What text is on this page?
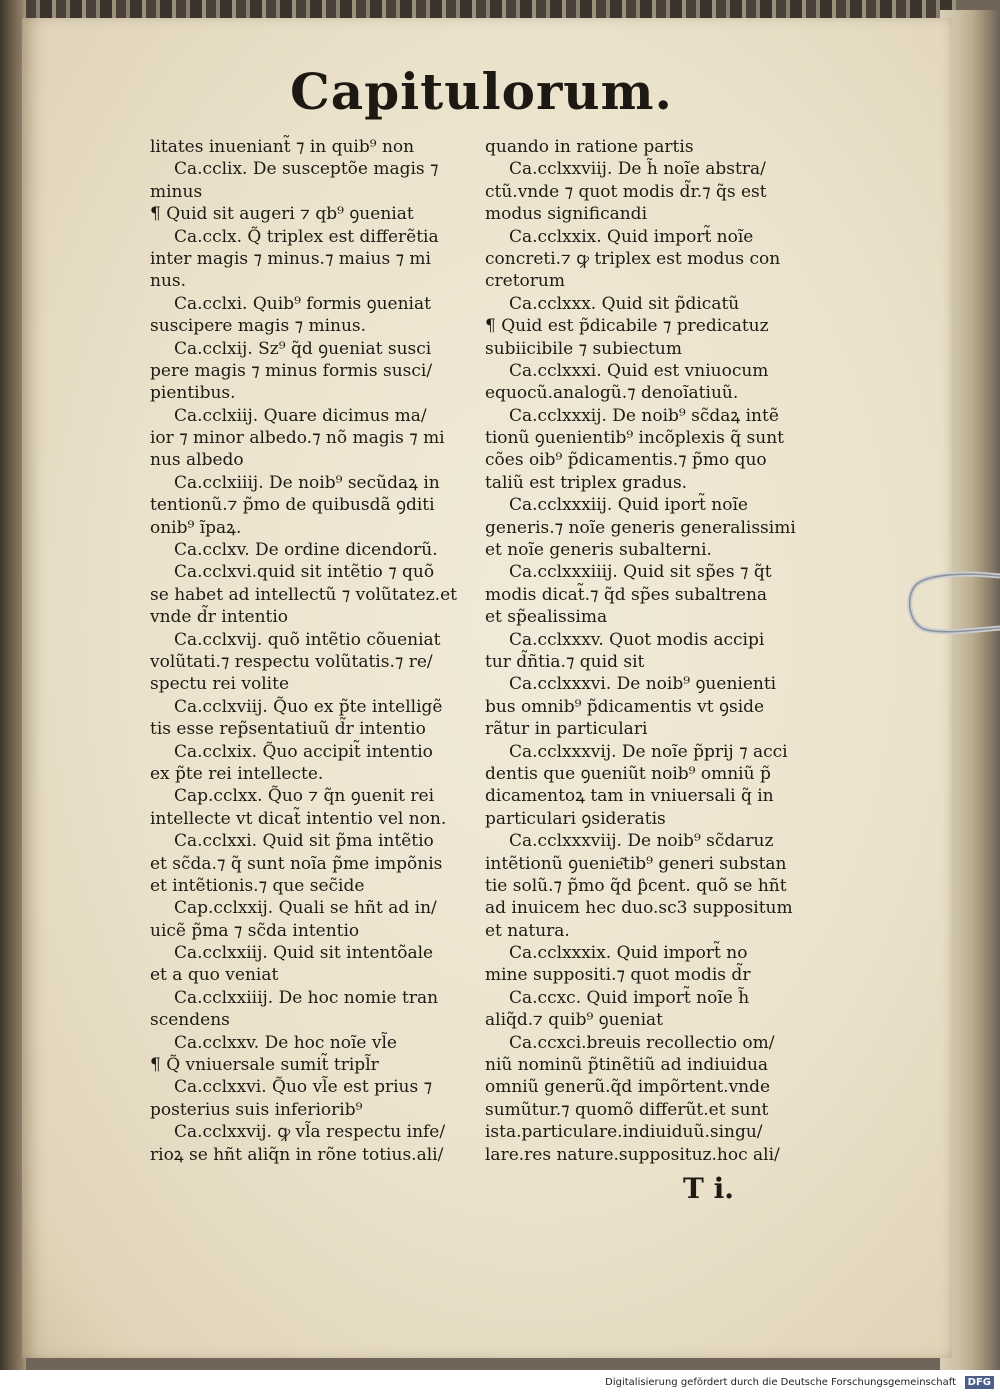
Capitulorum.
litates inueniant̃ ⁊ in quib⁹ non
Ca.cclix. De susceptõe magis ⁊
minus
¶ Quid sit augeri ⁊ qb⁹ ꝯueniat
Ca.cclx. Q̃ triplex est differẽtia
inter magis ⁊ minus.⁊ maius ⁊ mi
nus.
Ca.cclxi. Quib⁹ formis ꝯueniat
suscipere magis ⁊ minus.
Ca.cclxij. Sz⁹ q̃d ꝯueniat susci
pere magis ⁊ minus formis susci/
pientibus.
Ca.cclxiij. Quare dicimus ma/
ior ⁊ minor albedo.⁊ nõ magis ⁊ mi
nus albedo
Ca.cclxiiij. De noib⁹ secũdaꝝ in
tentionũ.⁊ p̃mo de quibusdã ꝯditi
onib⁹ ĩpaꝝ.
Ca.cclxv. De ordine dicendorũ.
Ca.cclxvi.quid sit intẽtio ⁊ quõ
se habet ad intellectũ ⁊ volũtatez.et
vnde d̃r intentio
Ca.cclxvij. quõ intẽtio cõueniat
volũtati.⁊ respectu volũtatis.⁊ re/
spectu rei volite
Ca.cclxviij. Q̃uo ex p̃te intelligẽ
tis esse rep̃sentatiuũ d̃r intentio
Ca.cclxix. Q̃uo accipit̃ intentio
ex p̃te rei intellecte.
Cap.cclxx. Q̃uo ⁊ q̃n ꝯuenit rei
intellecte vt dicat̃ intentio vel non.
Ca.cclxxi. Quid sit p̃ma intẽtio
et sc̃da.⁊ q̃ sunt noĩa p̃me impõnis
et intẽtionis.⁊ que sec̃ide
Cap.cclxxij. Quali se hñt ad in/
uicẽ p̃ma ⁊ sc̃da intentio
Ca.cclxxiij. Quid sit intentõale
et a quo veniat
Ca.cclxxiiij. De hoc nomie tran
scendens
Ca.cclxxv. De hoc noĩe vl̃e
¶ Q̃ vniuersale sumit̃ tripl̃r
Ca.cclxxvi. Q̃uo vl̃e est prius ⁊
posterius suis inferiorib⁹
Ca.cclxxvij. ꝙ vl̃a respectu infe/
rioꝝ se hñt aliq̃n in rõne totius.ali/
quando in ratione partis
Ca.cclxxviij. De h̃ noĩe abstra/
ctũ.vnde ⁊ quot modis d̃r.⁊ q̃s est
modus significandi
Ca.cclxxix. Quid import̃ noĩe
concreti.⁊ ꝙ triplex est modus con
cretorum
Ca.cclxxx. Quid sit p̃dicatũ
¶ Quid est p̃dicabile ⁊ predicatuz
subiicibile ⁊ subiectum
Ca.cclxxxi. Quid est vniuocum
equocũ.analogũ.⁊ denoĩatiuũ.
Ca.cclxxxij. De noib⁹ sc̃daꝝ intẽ
tionũ ꝯuenientib⁹ incõplexis q̃ sunt
cões oib⁹ p̃dicamentis.⁊ p̃mo quo
taliũ est triplex gradus.
Ca.cclxxxiij. Quid iport̃ noĩe
generis.⁊ noĩe generis generalissimi
et noĩe generis subalterni.
Ca.cclxxxiiij. Quid sit sp̃es ⁊ q̃t
modis dicat̃.⁊ q̃d sp̃es subaltrena
et sp̃ealissima
Ca.cclxxxv. Quot modis accipi
tur d̃ñtia.⁊ quid sit
Ca.cclxxxvi. De noib⁹ ꝯuenienti
bus omnib⁹ p̃dicamentis vt ꝯside
rãtur in particulari
Ca.cclxxxvij. De noĩe p̃prij ⁊ acci
dentis que ꝯueniũt noib⁹ omniũ p̃
dicamentoꝝ tam in vniuersali q̃ in
particulari ꝯsideratis
Ca.cclxxxviij. De noib⁹ sc̃daruz
intẽtionũ ꝯuenie͂tib⁹ generi substan
tie solũ.⁊ p̃mo q̃d ƥcent. quõ se hñt
ad inuicem hec duo.sc3 suppositum
et natura.
Ca.cclxxxix. Quid import̃ no
mine suppositi.⁊ quot modis d̃r
Ca.ccxc. Quid import̃ noĩe h̃
aliq̃d.⁊ quib⁹ ꝯueniat
Ca.ccxci.breuis recollectio om/
niũ nominũ p̃tinẽtiũ ad indiuidua
omniũ generũ.q̃d impõrtent.vnde
sumũtur.⁊ quomõ differũt.et sunt
ista.particulare.indiuiduũ.singu/
lare.res nature.supposituz.hoc ali/
T i.
Digitalisierung gefördert durch die Deutsche Forschungsgemeinschaft	DFG
